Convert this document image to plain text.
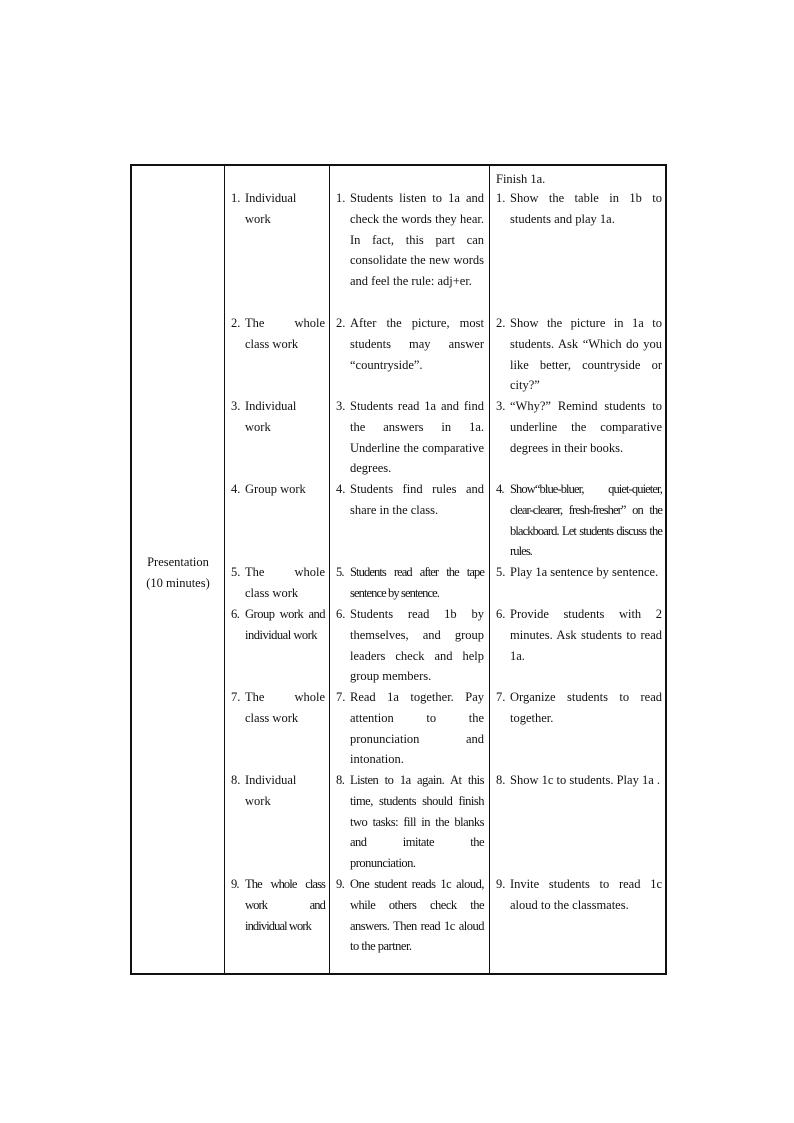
Presentation
(10 minutes)
1. Individual work
2. The whole class work
3. Individual work
4. Group work
5. The whole class work
6. Group work and individual work
7. The whole class work
8. Individual work
9. The whole class work and individual work
1. Students listen to 1a and check the words they hear. In fact, this part can consolidate the new words and feel the rule: adj+er.
2. After the picture, most students may answer “countryside”.
3. Students read 1a and find the answers in 1a. Underline the comparative degrees.
4. Students find rules and share in the class.
5. Students read after the tape sentence by sentence.
6. Students read 1b by themselves, and group leaders check and help group members.
7. Read 1a together. Pay attention to the pronunciation and intonation.
8. Listen to 1a again. At this time, students should finish two tasks: fill in the blanks and imitate the pronunciation.
9. One student reads 1c aloud, while others check the answers. Then read 1c aloud to the partner.
Finish 1a.
1. Show the table in 1b to students and play 1a.
2. Show the picture in 1a to students. Ask “Which do you like better, countryside or city?”
3. “Why?” Remind students to underline the comparative degrees in their books.
4. Show“blue-bluer, quiet-quieter, clear-clearer, fresh-fresher” on the blackboard. Let students discuss the rules.
5. Play 1a sentence by sentence.
6. Provide students with 2 minutes. Ask students to read 1a.
7. Organize students to read together.
8. Show 1c to students. Play 1a .
9. Invite students to read 1c aloud to the classmates.
